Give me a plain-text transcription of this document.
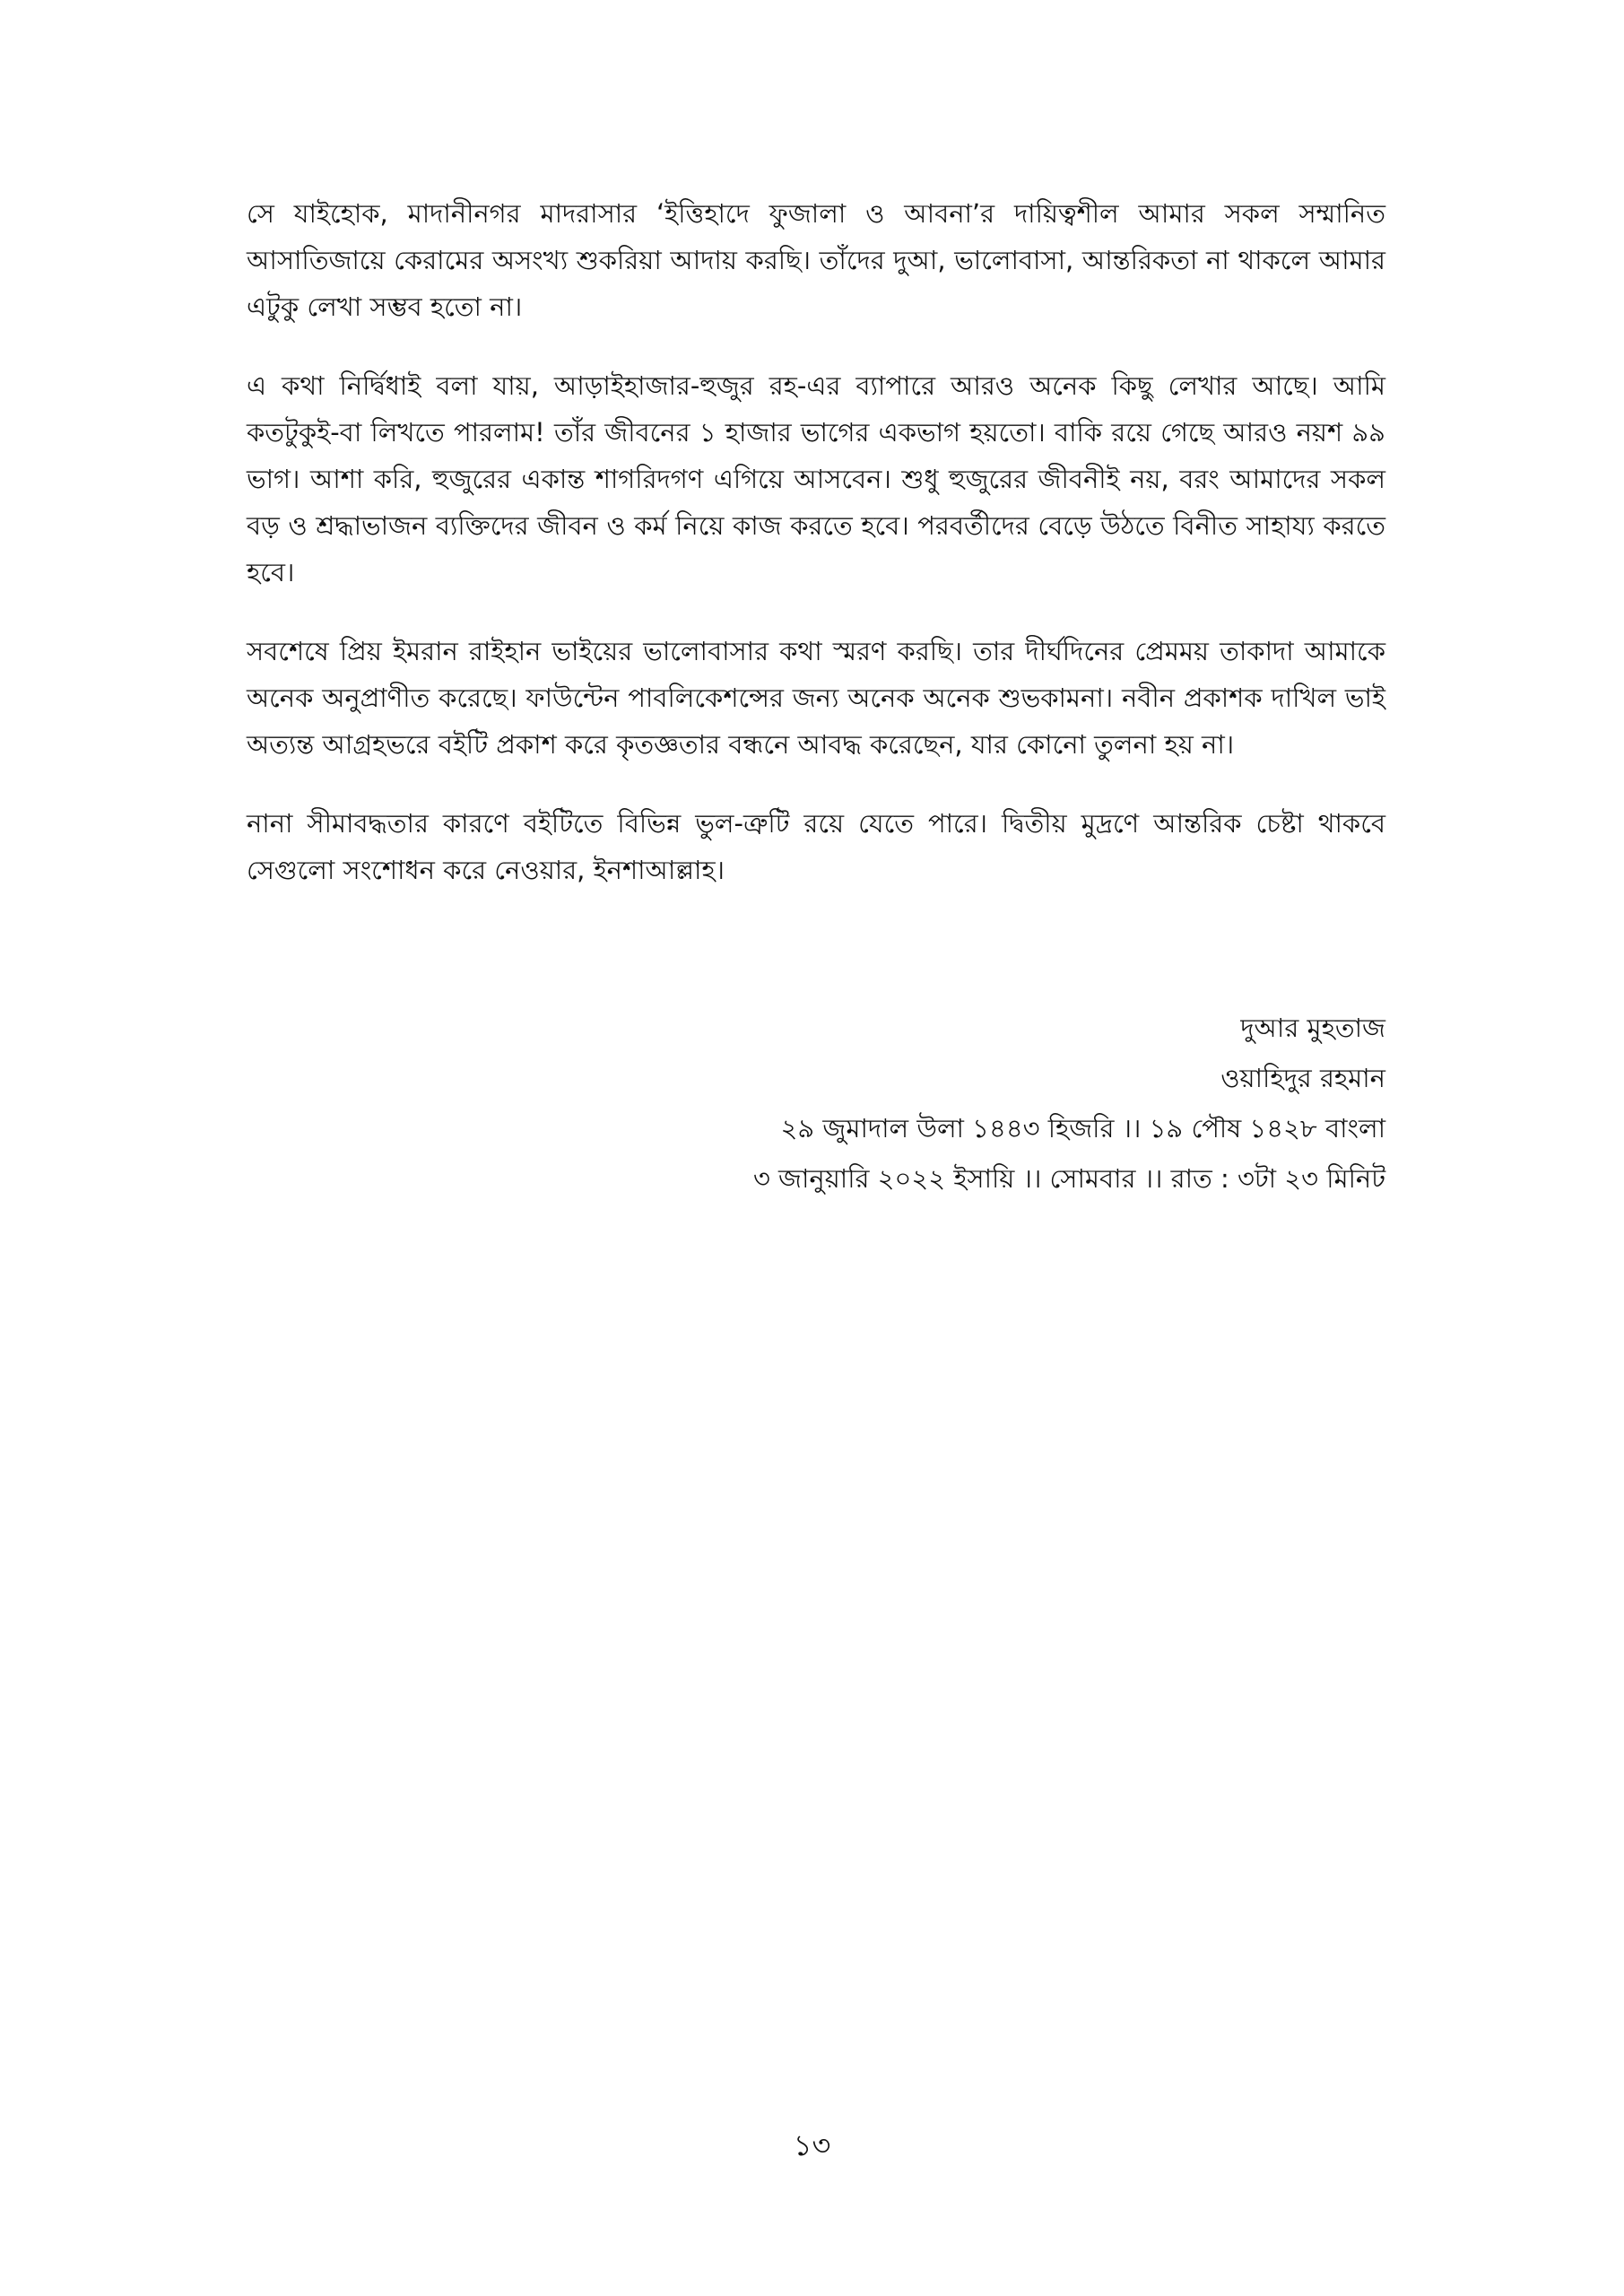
সে যাইহোক, মাদানীনগর মাদরাসার ‘ইত্তিহাদে ফুজালা ও আবনা’র দায়িত্বশীল আমার সকল সম্মানিত আসাতিজায়ে কেরামের অসংখ্য শুকরিয়া আদায় করছি। তাঁদের দুআ, ভালোবাসা, আন্তরিকতা না থাকলে আমার এটুকু লেখা সম্ভব হতো না।

এ কথা নির্দ্বিধাই বলা যায়, আড়াইহাজার-হুজুর রহ-এর ব্যাপারে আরও অনেক কিছু লেখার আছে। আমি কতটুকুই-বা লিখতে পারলাম! তাঁর জীবনের ১ হাজার ভাগের একভাগ হয়তো। বাকি রয়ে গেছে আরও নয়শ ৯৯ ভাগ। আশা করি, হুজুরের একান্ত শাগরিদগণ এগিয়ে আসবেন। শুধু হুজুরের জীবনীই নয়, বরং আমাদের সকল বড় ও শ্রদ্ধাভাজন ব্যক্তিদের জীবন ও কর্ম নিয়ে কাজ করতে হবে। পরবর্তীদের বেড়ে উঠতে বিনীত সাহায্য করতে হবে।

সবশেষে প্রিয় ইমরান রাইহান ভাইয়ের ভালোবাসার কথা স্মরণ করছি। তার দীর্ঘদিনের প্রেমময় তাকাদা আমাকে অনেক অনুপ্রাণীত করেছে। ফাউন্টেন পাবলিকেশন্সের জন্য অনেক অনেক শুভকামনা। নবীন প্রকাশক দাখিল ভাই অত্যন্ত আগ্রহভরে বইটি প্রকাশ করে কৃতজ্ঞতার বন্ধনে আবদ্ধ করেছেন, যার কোনো তুলনা হয় না।

নানা সীমাবদ্ধতার কারণে বইটিতে বিভিন্ন ভুল-ত্রুটি রয়ে যেতে পারে। দ্বিতীয় মুদ্রণে আন্তরিক চেষ্টা থাকবে সেগুলো সংশোধন করে নেওয়ার, ইনশাআল্লাহ।

দুআর মুহতাজ
ওয়াহিদুর রহমান
২৯ জুমাদাল উলা ১৪৪৩ হিজরি ।। ১৯ পৌষ ১৪২৮ বাংলা
৩ জানুয়ারি ২০২২ ইসায়ি ।। সোমবার ।। রাত : ৩টা ২৩ মিনিট
১৩
